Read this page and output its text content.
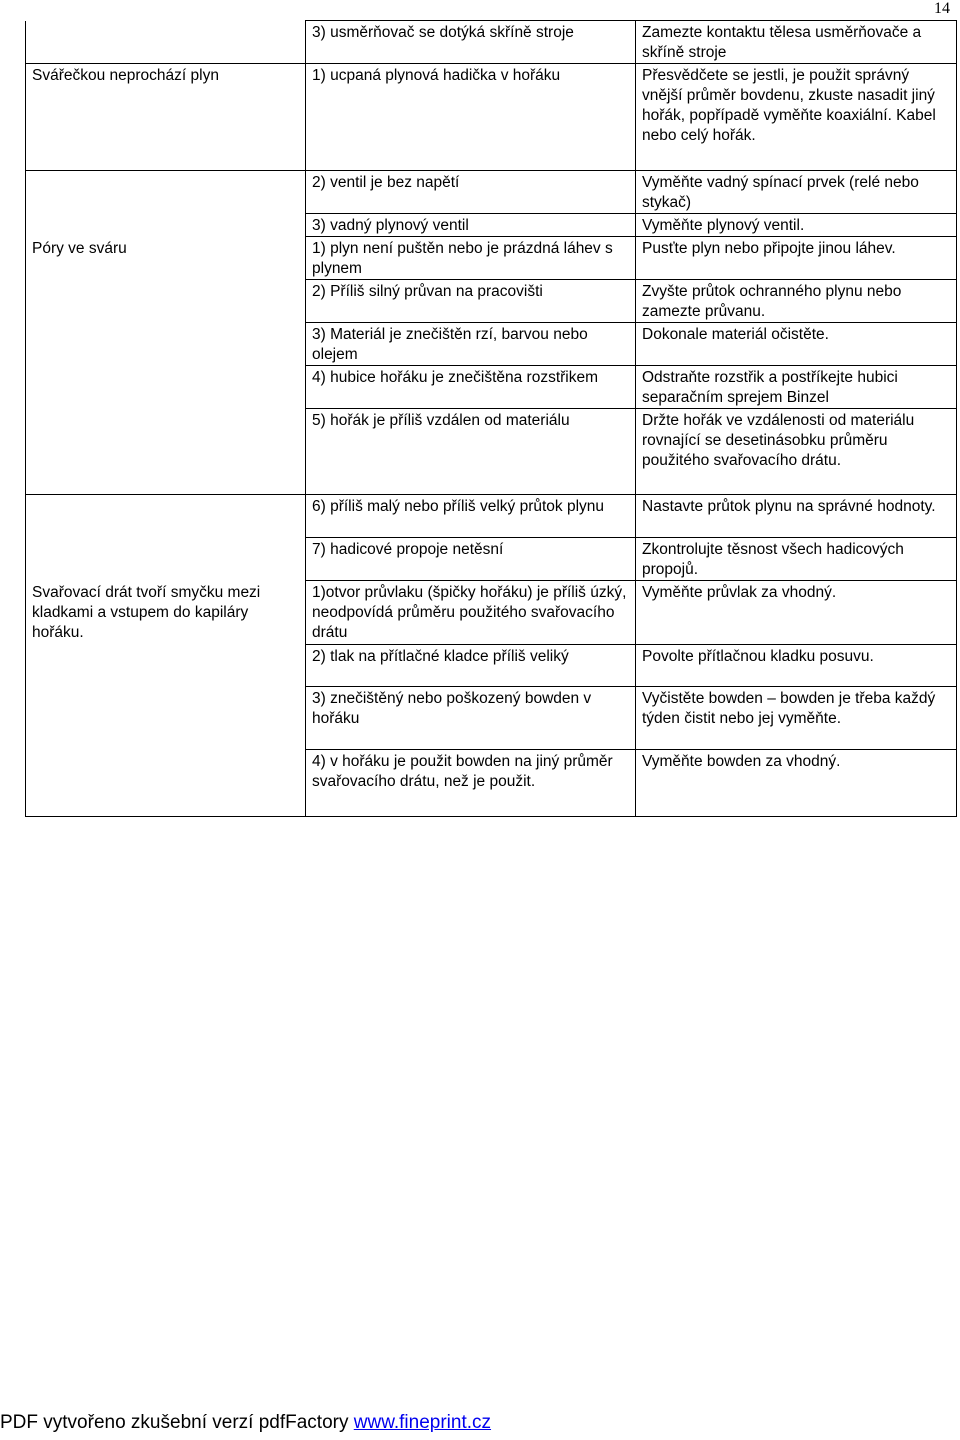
14

	3) usměrňovač se dotýká skříně stroje	Zamezte kontaktu tělesa usměrňovače a skříně stroje

Svářečkou neprochází plyn	1) ucpaná plynová hadička v hořáku	Přesvědčete se jestli, je použit správný vnější průměr bovdenu, zkuste nasadit jiný hořák, popřípadě vyměňte koaxiální. Kabel nebo celý hořák.

	2) ventil je bez napětí	Vyměňte vadný spínací prvek (relé nebo stykač)

	3) vadný plynový ventil	Vyměňte plynový ventil.

Póry ve sváru	1) plyn není puštěn nebo je prázdná láhev s plynem	Pusťte plyn nebo připojte jinou láhev.

	2) Příliš silný průvan na pracovišti	Zvyšte průtok ochranného plynu nebo zamezte průvanu.

	3) Materiál je znečištěn rzí, barvou nebo olejem	Dokonale materiál očistěte.

	4) hubice hořáku je znečištěna rozstřikem	Odstraňte rozstřik a postříkejte hubici separačním sprejem Binzel

	5) hořák je příliš vzdálen od materiálu	Držte hořák ve vzdálenosti od materiálu rovnající se desetinásobku průměru použitého svařovacího drátu.

	6) příliš malý nebo příliš velký průtok plynu	Nastavte průtok plynu na správné hodnoty.

	7) hadicové propoje netěsní	Zkontrolujte těsnost všech hadicových propojů.

Svařovací drát tvoří smyčku mezi kladkami a vstupem do kapiláry hořáku.	1)otvor průvlaku (špičky hořáku) je příliš úzký, neodpovídá průměru použitého svařovacího drátu	Vyměňte průvlak za vhodný.

	2) tlak na přítlačné kladce příliš veliký	Povolte přítlačnou kladku posuvu.

	3) znečištěný nebo poškozený bowden v hořáku	Vyčistěte bowden – bowden je třeba každý týden čistit nebo jej vyměňte.

	4) v hořáku je použit bowden na jiný průměr svařovacího drátu, než je použit.	Vyměňte bowden za vhodný.
PDF vytvořeno zkušební verzí pdfFactory www.fineprint.cz
